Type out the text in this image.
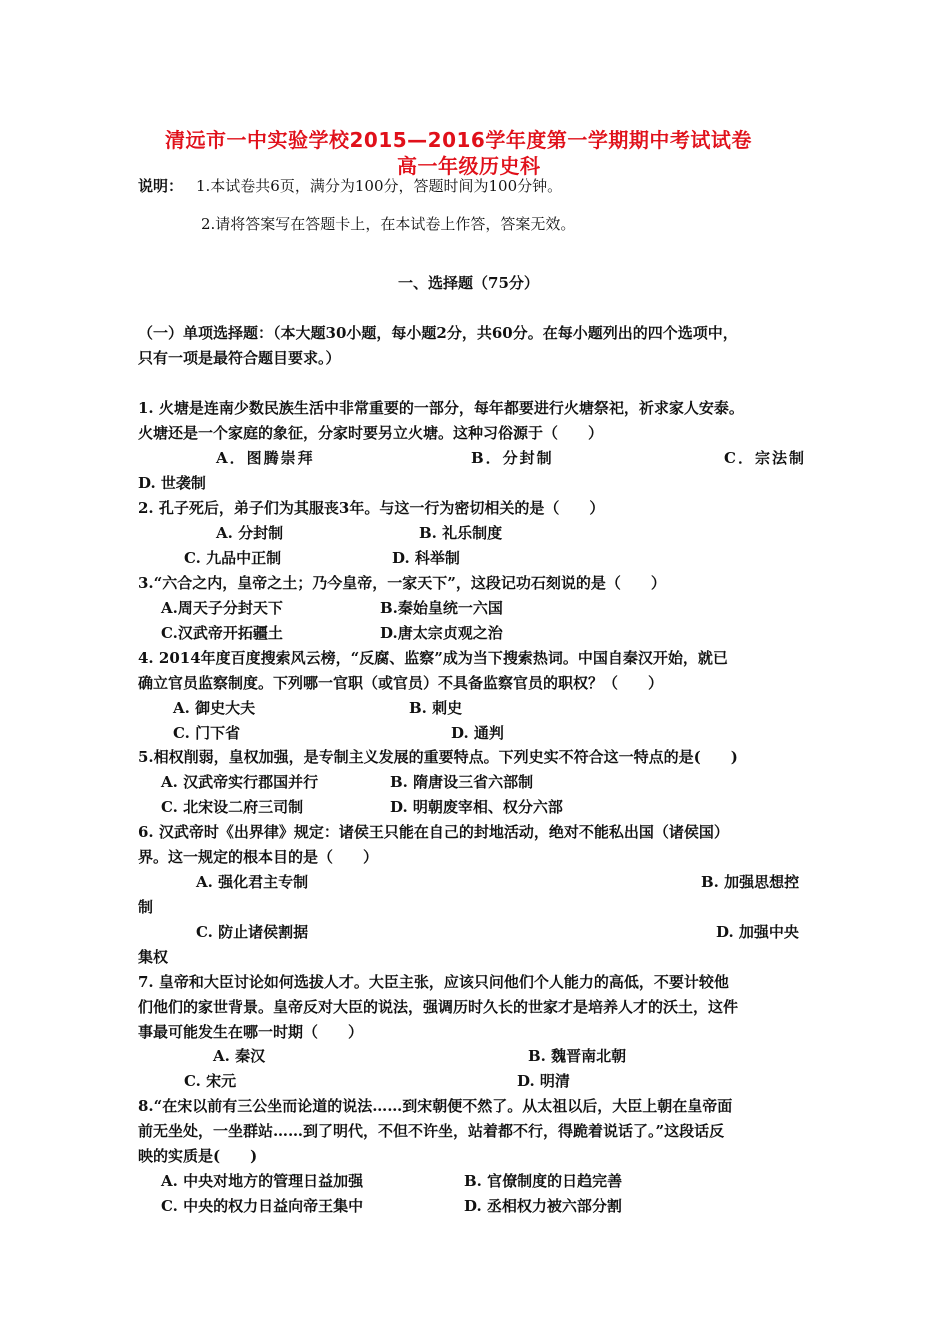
清远市一中实验学校2015—2016学年度第一学期期中考试试卷
高一年级历史科
说明： 1.本试卷共6页，满分为100分，答题时间为100分钟。
2.请将答案写在答题卡上，在本试卷上作答，答案无效。
一、选择题（75分）
（一）单项选择题：（本大题30小题，每小题2分，共60分。在每小题列出的四个选项中，
只有一项是最符合题目要求。）
1. 火塘是连南少数民族生活中非常重要的一部分，每年都要进行火塘祭祀，祈求家人安泰。
火塘还是一个家庭的象征，分家时要另立火塘。这种习俗源于（　　）
A．图腾崇拜	B．分封制	C．宗法制
D. 世袭制
2. 孔子死后，弟子们为其服丧3年。与这一行为密切相关的是（　　）
A. 分封制	B. 礼乐制度
C. 九品中正制	D. 科举制
3.“六合之内，皇帝之土；乃今皇帝，一家天下”，这段记功石刻说的是（　　）
A.周天子分封天下	B.秦始皇统一六国
C.汉武帝开拓疆土	D.唐太宗贞观之治
4. 2014年度百度搜索风云榜，“反腐、监察”成为当下搜索热词。中国自秦汉开始，就已
确立官员监察制度。下列哪一官职（或官员）不具备监察官员的职权？（　　）
A. 御史大夫	B. 刺史
C. 门下省	D. 通判
5.相权削弱，皇权加强，是专制主义发展的重要特点。下列史实不符合这一特点的是(　　)
A. 汉武帝实行郡国并行	B. 隋唐设三省六部制
C. 北宋设二府三司制	D. 明朝废宰相、权分六部
6. 汉武帝时《出界律》规定：诸侯王只能在自己的封地活动，绝对不能私出国（诸侯国）
界。这一规定的根本目的是（　　）
A. 强化君主专制	B. 加强思想控
制
C. 防止诸侯割据	D. 加强中央
集权
7. 皇帝和大臣讨论如何选拔人才。大臣主张，应该只问他们个人能力的高低，不要计较他
们他们的家世背景。皇帝反对大臣的说法，强调历时久长的世家才是培养人才的沃土，这件
事最可能发生在哪一时期（　　）
A. 秦汉	B. 魏晋南北朝
C. 宋元	D. 明清
8.“在宋以前有三公坐而论道的说法……到宋朝便不然了。从太祖以后，大臣上朝在皇帝面
前无坐处，一坐群站……到了明代，不但不许坐，站着都不行，得跪着说话了。”这段话反
映的实质是(　　)
A. 中央对地方的管理日益加强	B. 官僚制度的日趋完善
C. 中央的权力日益向帝王集中	D. 丞相权力被六部分割
